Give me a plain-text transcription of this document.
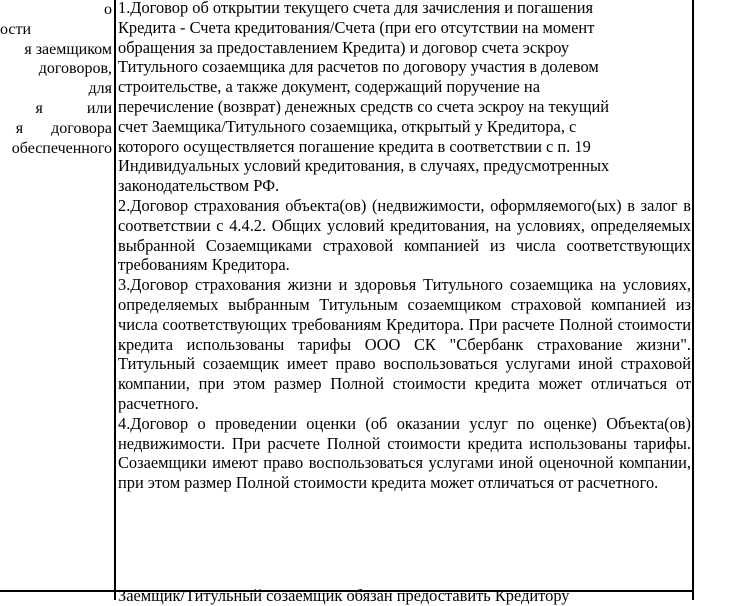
о
ости
я заемщиком
договоров,
для
я           или
я       договора
обеспеченного
1.Договор об открытии текущего счета для зачисления и погашения
Кредита - Счета кредитования/Счета (при его отсутствии на момент
обращения за предоставлением Кредита) и договор счета эскроу
Титульного созаемщика для расчетов по договору участия в долевом
строительстве, а также документ, содержащий поручение на
перечисление (возврат) денежных средств со счета эскроу на текущий
счет Заемщика/Титульного созаемщика, открытый у Кредитора, с
которого осуществляется погашение кредита в соответствии с п. 19
Индивидуальных условий кредитования, в случаях, предусмотренных
законодательством РФ.

2.Договор страхования объекта(ов) (недвижимости, оформляемого(ых) в залог в соответствии с 4.4.2. Общих условий кредитования, на условиях, определяемых выбранной Созаемщиками страховой компанией из числа соответствующих требованиям Кредитора.

3.Договор страхования жизни и здоровья Титульного созаемщика на условиях, определяемых выбранным Титульным созаемщиком страховой компанией из числа соответствующих требованиям Кредитора. При расчете Полной стоимости кредита использованы тарифы ООО СК "Сбербанк страхование жизни". Титульный созаемщик имеет право воспользоваться услугами иной страховой компании, при этом размер Полной стоимости кредита может отличаться от расчетного.

4.Договор о проведении оценки (об оказании услуг по оценке) Объекта(ов) недвижимости. При расчете Полной стоимости кредита использованы тарифы. Созаемщики имеют право воспользоваться услугами иной оценочной компании, при этом размер Полной стоимости кредита может отличаться от расчетного.

Заемщик/Титульный созаемщик обязан предоставить Кредитору
